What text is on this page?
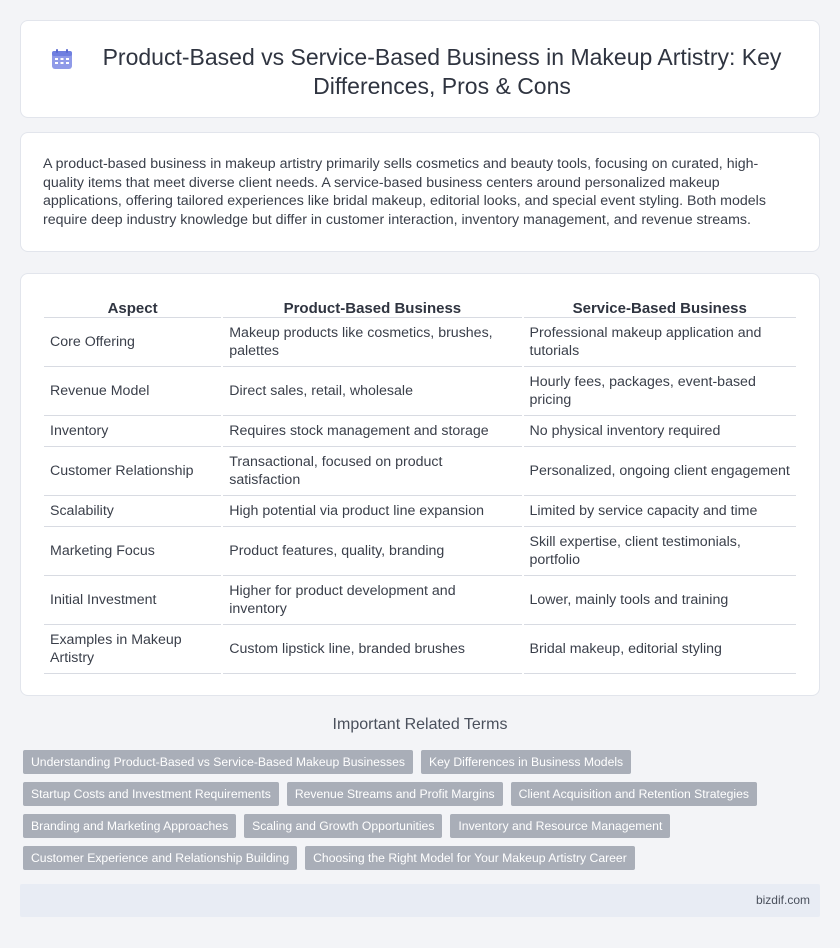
Product-Based vs Service-Based Business in Makeup Artistry: Key Differences, Pros & Cons

A product-based business in makeup artistry primarily sells cosmetics and beauty tools, focusing on curated, high-quality items that meet diverse client needs. A service-based business centers around personalized makeup applications, offering tailored experiences like bridal makeup, editorial looks, and special event styling. Both models require deep industry knowledge but differ in customer interaction, inventory management, and revenue streams.

Aspect	Product-Based Business	Service-Based Business
Core Offering	Makeup products like cosmetics, brushes, palettes	Professional makeup application and tutorials
Revenue Model	Direct sales, retail, wholesale	Hourly fees, packages, event-based pricing
Inventory	Requires stock management and storage	No physical inventory required
Customer Relationship	Transactional, focused on product satisfaction	Personalized, ongoing client engagement
Scalability	High potential via product line expansion	Limited by service capacity and time
Marketing Focus	Product features, quality, branding	Skill expertise, client testimonials, portfolio
Initial Investment	Higher for product development and inventory	Lower, mainly tools and training
Examples in Makeup Artistry	Custom lipstick line, branded brushes	Bridal makeup, editorial styling
Important Related Terms
Understanding Product-Based vs Service-Based Makeup Businesses	Key Differences in Business Models
Startup Costs and Investment Requirements	Revenue Streams and Profit Margins	Client Acquisition and Retention Strategies
Branding and Marketing Approaches	Scaling and Growth Opportunities	Inventory and Resource Management
Customer Experience and Relationship Building	Choosing the Right Model for Your Makeup Artistry Career
bizdif.com
